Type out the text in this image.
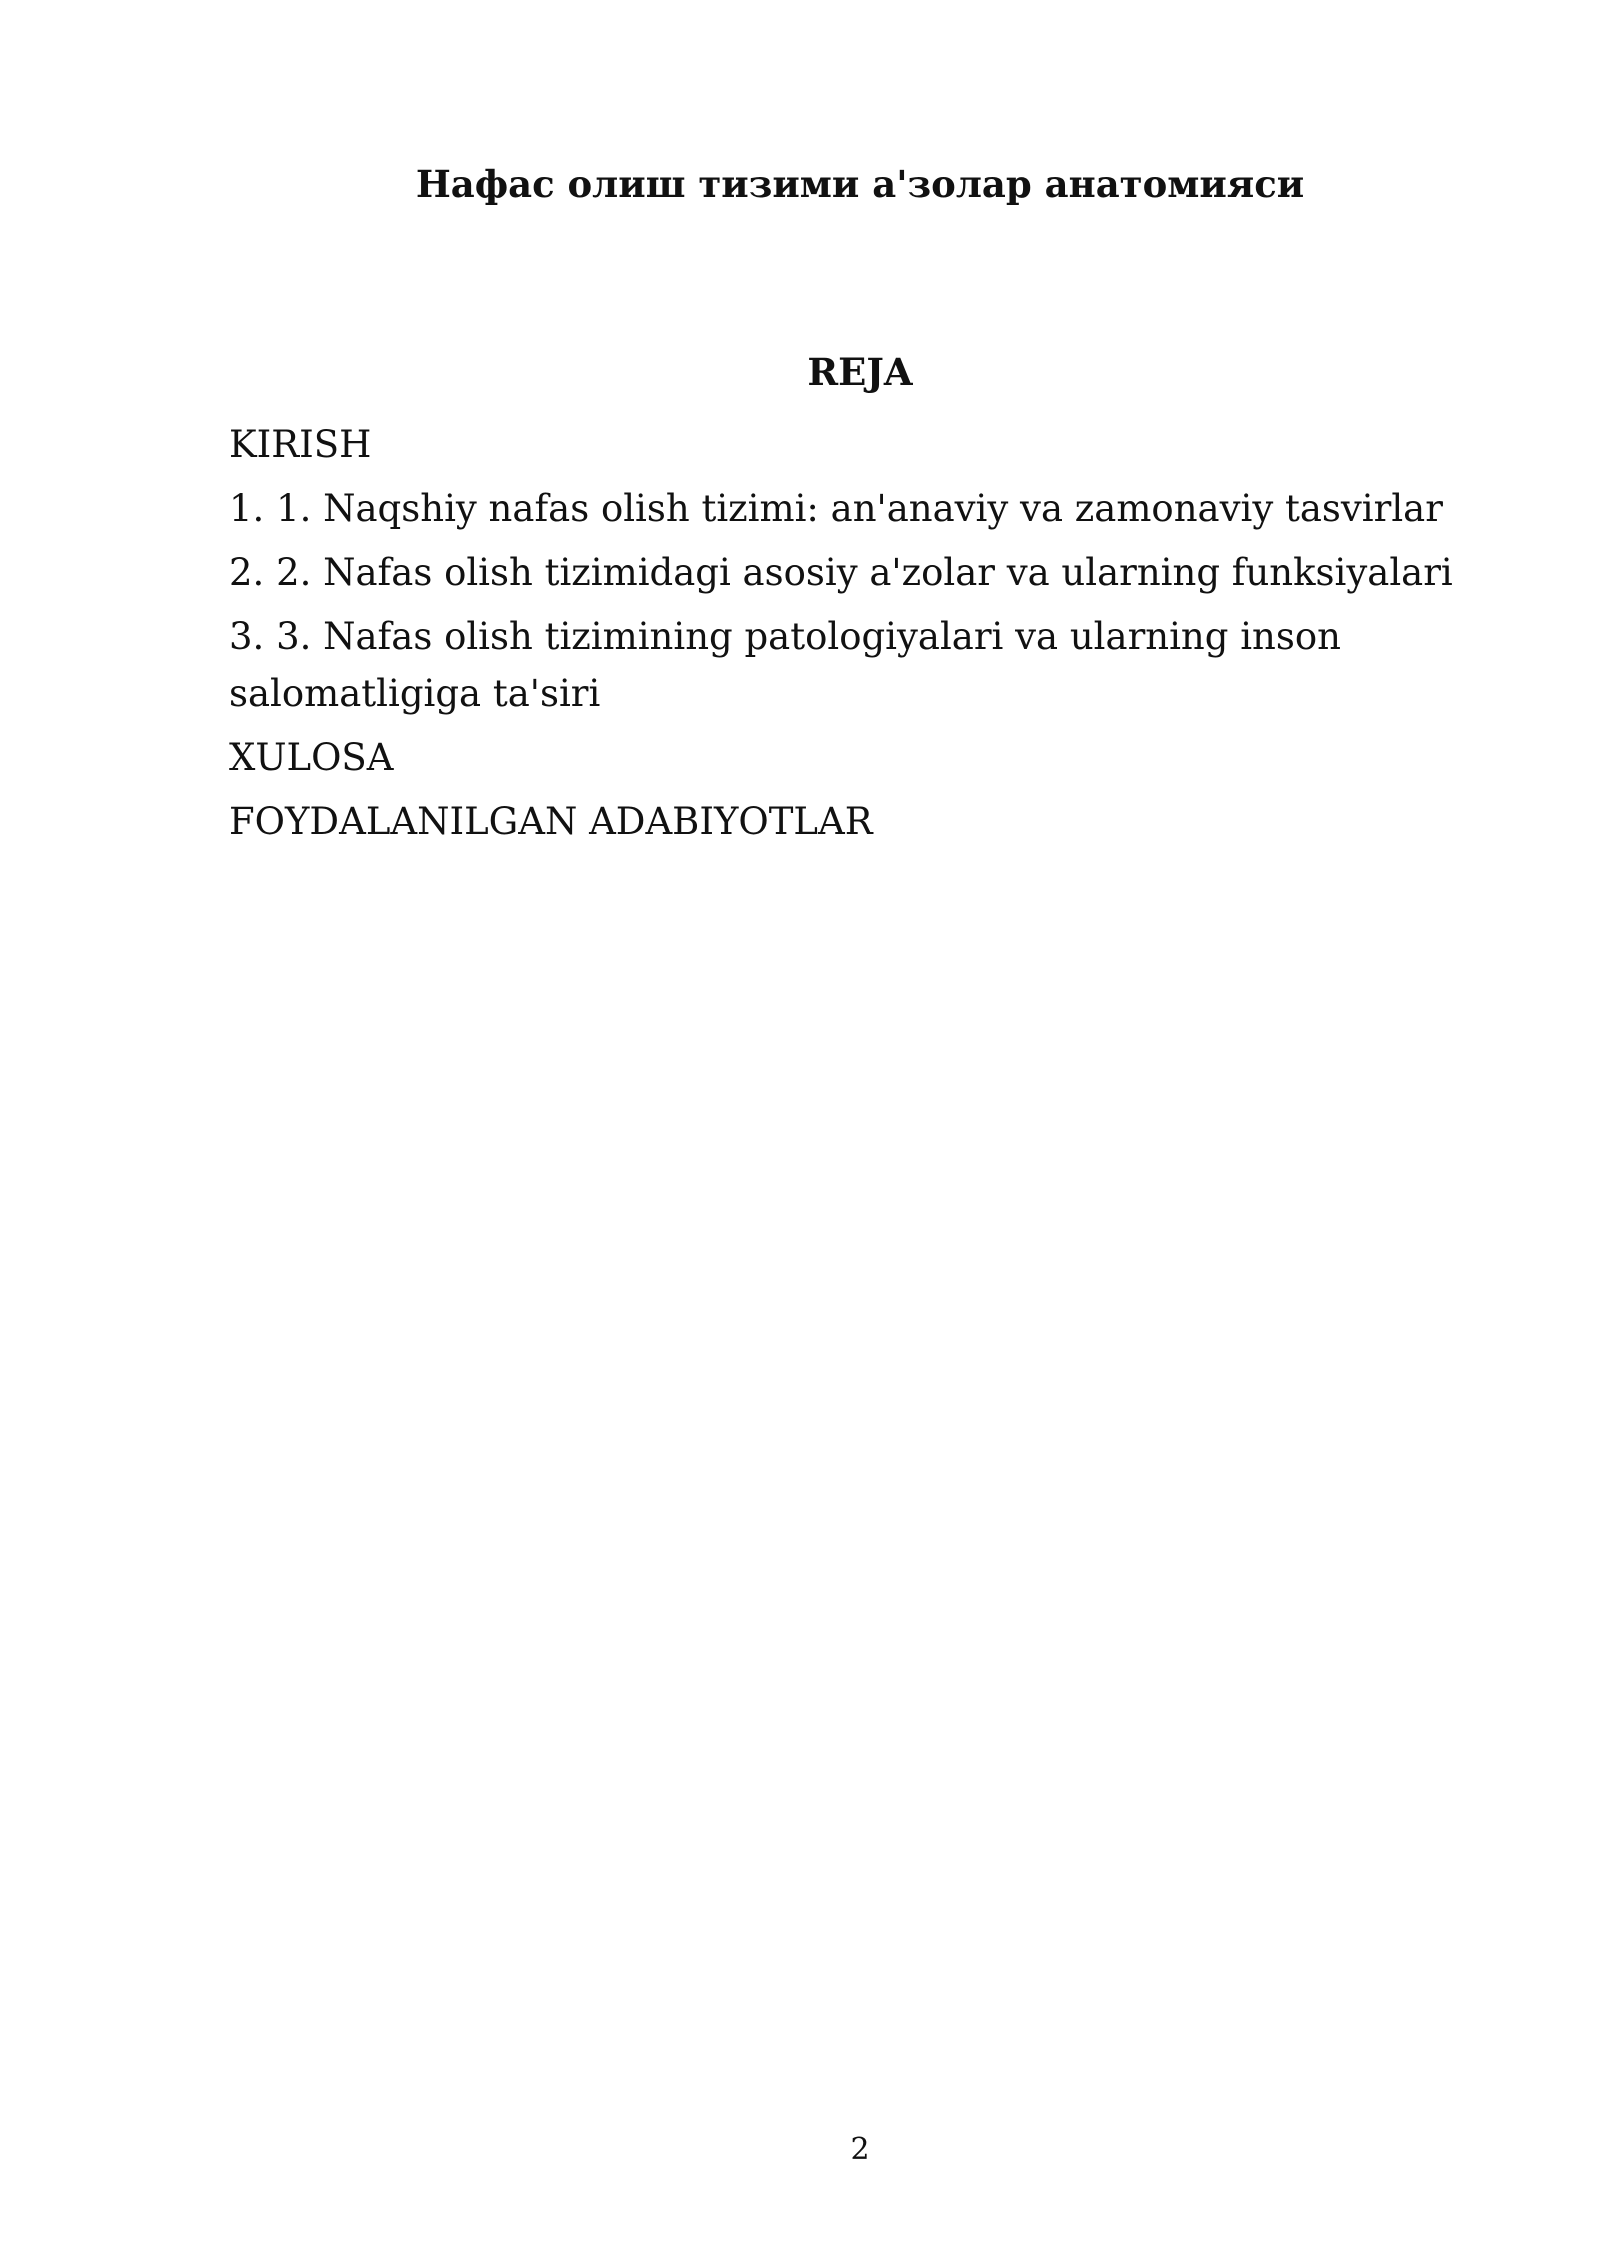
Нафас олиш тизими а'золар анатомияси
REJA
KIRISH
1. 1. Naqshiy nafas olish tizimi: an'anaviy va zamonaviy tasvirlar
2. 2. Nafas olish tizimidagi asosiy a'zolar va ularning funksiyalari
3. 3. Nafas olish tizimining patologiyalari va ularning inson salomatligiga ta'siri
XULOSA
FOYDALANILGAN ADABIYOTLAR
2
